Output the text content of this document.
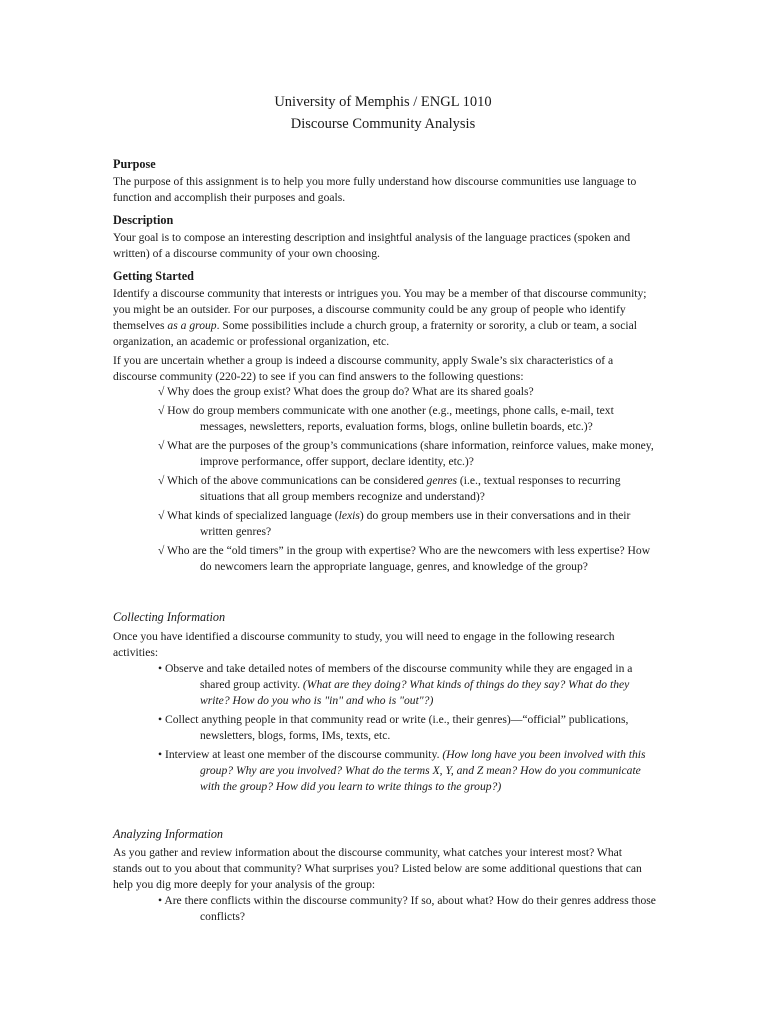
University of Memphis / ENGL 1010
Discourse Community Analysis
Purpose

The purpose of this assignment is to help you more fully understand how discourse communities use language to function and accomplish their purposes and goals.

Description

Your goal is to compose an interesting description and insightful analysis of the language practices (spoken and written) of a discourse community of your own choosing.

Getting Started

Identify a discourse community that interests or intrigues you. You may be a member of that discourse community; you might be an outsider. For our purposes, a discourse community could be any group of people who identify themselves as a group. Some possibilities include a church group, a fraternity or sorority, a club or team, a social organization, an academic or professional organization, etc.

If you are uncertain whether a group is indeed a discourse community, apply Swale’s six characteristics of a discourse community (220-22) to see if you can find answers to the following questions:

√ Why does the group exist? What does the group do? What are its shared goals?

√ How do group members communicate with one another (e.g., meetings, phone calls, e-mail, text messages, newsletters, reports, evaluation forms, blogs, online bulletin boards, etc.)?

√ What are the purposes of the group’s communications (share information, reinforce values, make money, improve performance, offer support, declare identity, etc.)?

√ Which of the above communications can be considered genres (i.e., textual responses to recurring situations that all group members recognize and understand)?

√ What kinds of specialized language (lexis) do group members use in their conversations and in their written genres?

√ Who are the “old timers” in the group with expertise? Who are the newcomers with less expertise? How do newcomers learn the appropriate language, genres, and knowledge of the group?

Collecting Information

Once you have identified a discourse community to study, you will need to engage in the following research activities:

• Observe and take detailed notes of members of the discourse community while they are engaged in a shared group activity. (What are they doing? What kinds of things do they say? What do they write? How do you who is "in" and who is "out"?)

• Collect anything people in that community read or write (i.e., their genres)—“official” publications, newsletters, blogs, forms, IMs, texts, etc.

• Interview at least one member of the discourse community. (How long have you been involved with this group? Why are you involved? What do the terms X, Y, and Z mean? How do you communicate with the group? How did you learn to write things to the group?)

Analyzing Information

As you gather and review information about the discourse community, what catches your interest most? What stands out to you about that community? What surprises you? Listed below are some additional questions that can help you dig more deeply for your analysis of the group:

• Are there conflicts within the discourse community? If so, about what? How do their genres address those conflicts?
